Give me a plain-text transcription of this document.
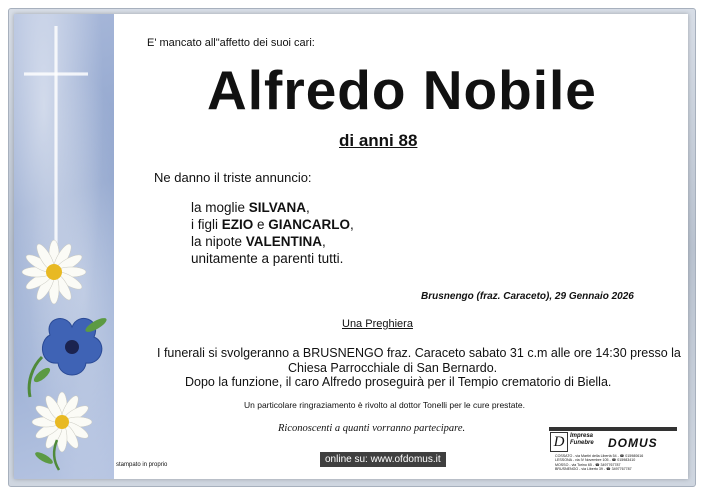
E' mancato all"affetto dei suoi cari:
Alfredo Nobile
di anni 88
Ne danno il triste annuncio:
la moglie SILVANA,
i figli EZIO e GIANCARLO,
la nipote VALENTINA,
unitamente a parenti tutti.
Brusnengo (fraz. Caraceto), 29 Gennaio 2026
Una Preghiera
I funerali si svolgeranno a BRUSNENGO fraz. Caraceto sabato 31 c.m alle ore 14:30 presso la
Chiesa Parrocchiale di San Bernardo.
Dopo la funzione, il caro Alfredo proseguirà per il Tempio crematorio di Biella.
Un particolare ringraziamento è rivolto al dottor Tonelli per le cure prestate.
Riconoscenti a quanti vorranno partecipare.
online su: www.ofdomus.it
stampato in proprio
D Impresa
Funebre DOMUS
COSSATO - via Martiri della Libertà 54 - ☎ 015980616
LESSONA - via IV Novembre 105 - ☎ 015983410
MOSSO - via Torino 65 - ☎ 3497767787
BRUSNENGO - via Liberto 39 - ☎ 3497767787
